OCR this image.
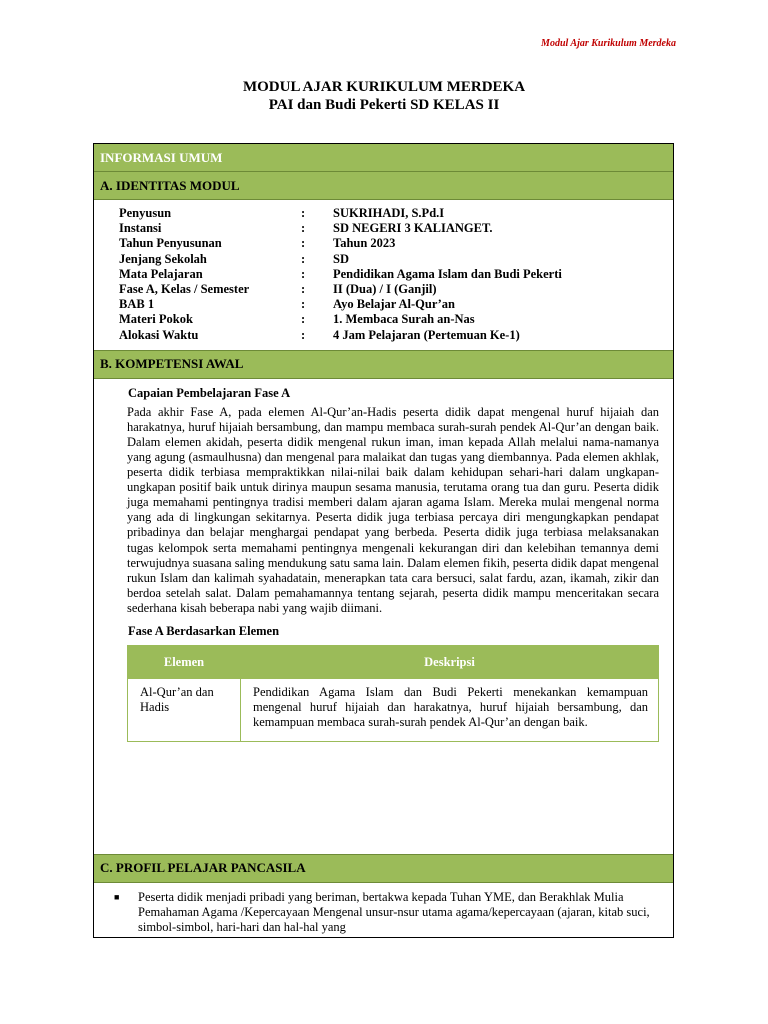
Modul Ajar Kurikulum Merdeka
MODUL AJAR KURIKULUM MERDEKA
PAI dan Budi Pekerti SD KELAS II
INFORMASI UMUM
A. IDENTITAS MODUL
Penyusun	:	SUKRIHADI, S.Pd.I
Instansi	:	SD NEGERI 3 KALIANGET.
Tahun Penyusunan	:	Tahun 2023
Jenjang Sekolah	:	SD
Mata Pelajaran	:	Pendidikan Agama Islam dan Budi Pekerti
Fase A, Kelas / Semester	:	II (Dua) / I (Ganjil)
BAB 1	:	Ayo Belajar Al-Qur’an
Materi Pokok	:	1. Membaca Surah an-Nas
Alokasi Waktu	:	4 Jam Pelajaran (Pertemuan Ke-1)
B. KOMPETENSI AWAL
Capaian Pembelajaran Fase A

Pada akhir Fase A, pada elemen Al-Qur’an-Hadis peserta didik dapat mengenal huruf hijaiah dan harakatnya, huruf hijaiah bersambung, dan mampu membaca surah-surah pendek Al-Qur’an dengan baik. Dalam elemen akidah, peserta didik mengenal rukun iman, iman kepada Allah melalui nama-namanya yang agung (asmaulhusna) dan mengenal para malaikat dan tugas yang diembannya. Pada elemen akhlak, peserta didik terbiasa mempraktikkan nilai-nilai baik dalam kehidupan sehari-hari dalam ungkapan-ungkapan positif baik untuk dirinya maupun sesama manusia, terutama orang tua dan guru. Peserta didik juga memahami pentingnya tradisi memberi dalam ajaran agama Islam. Mereka mulai mengenal norma yang ada di lingkungan sekitarnya. Peserta didik juga terbiasa percaya diri mengungkapkan pendapat pribadinya dan belajar menghargai pendapat yang berbeda. Peserta didik juga terbiasa melaksanakan tugas kelompok serta memahami pentingnya mengenali kekurangan diri dan kelebihan temannya demi terwujudnya suasana saling mendukung satu sama lain. Dalam elemen fikih, peserta didik dapat mengenal rukun Islam dan kalimah syahadatain, menerapkan tata cara bersuci, salat fardu, azan, ikamah, zikir dan berdoa setelah salat. Dalam pemahamannya tentang sejarah, peserta didik mampu menceritakan secara sederhana kisah beberapa nabi yang wajib diimani.

Fase A Berdasarkan Elemen
Elemen	Deskripsi
Al-Qur’an dan Hadis	Pendidikan Agama Islam dan Budi Pekerti menekankan kemampuan mengenal huruf hijaiah dan harakatnya, huruf hijaiah bersambung, dan kemampuan membaca surah-surah pendek Al-Qur’an dengan baik.
C. PROFIL PELAJAR PANCASILA
■	Peserta didik menjadi pribadi yang beriman, bertakwa kepada Tuhan YME, dan Berakhlak Mulia Pemahaman Agama /Kepercayaan Mengenal unsur-nsur utama agama/kepercayaan (ajaran, kitab suci, simbol-simbol, hari-hari dan hal-hal yang
